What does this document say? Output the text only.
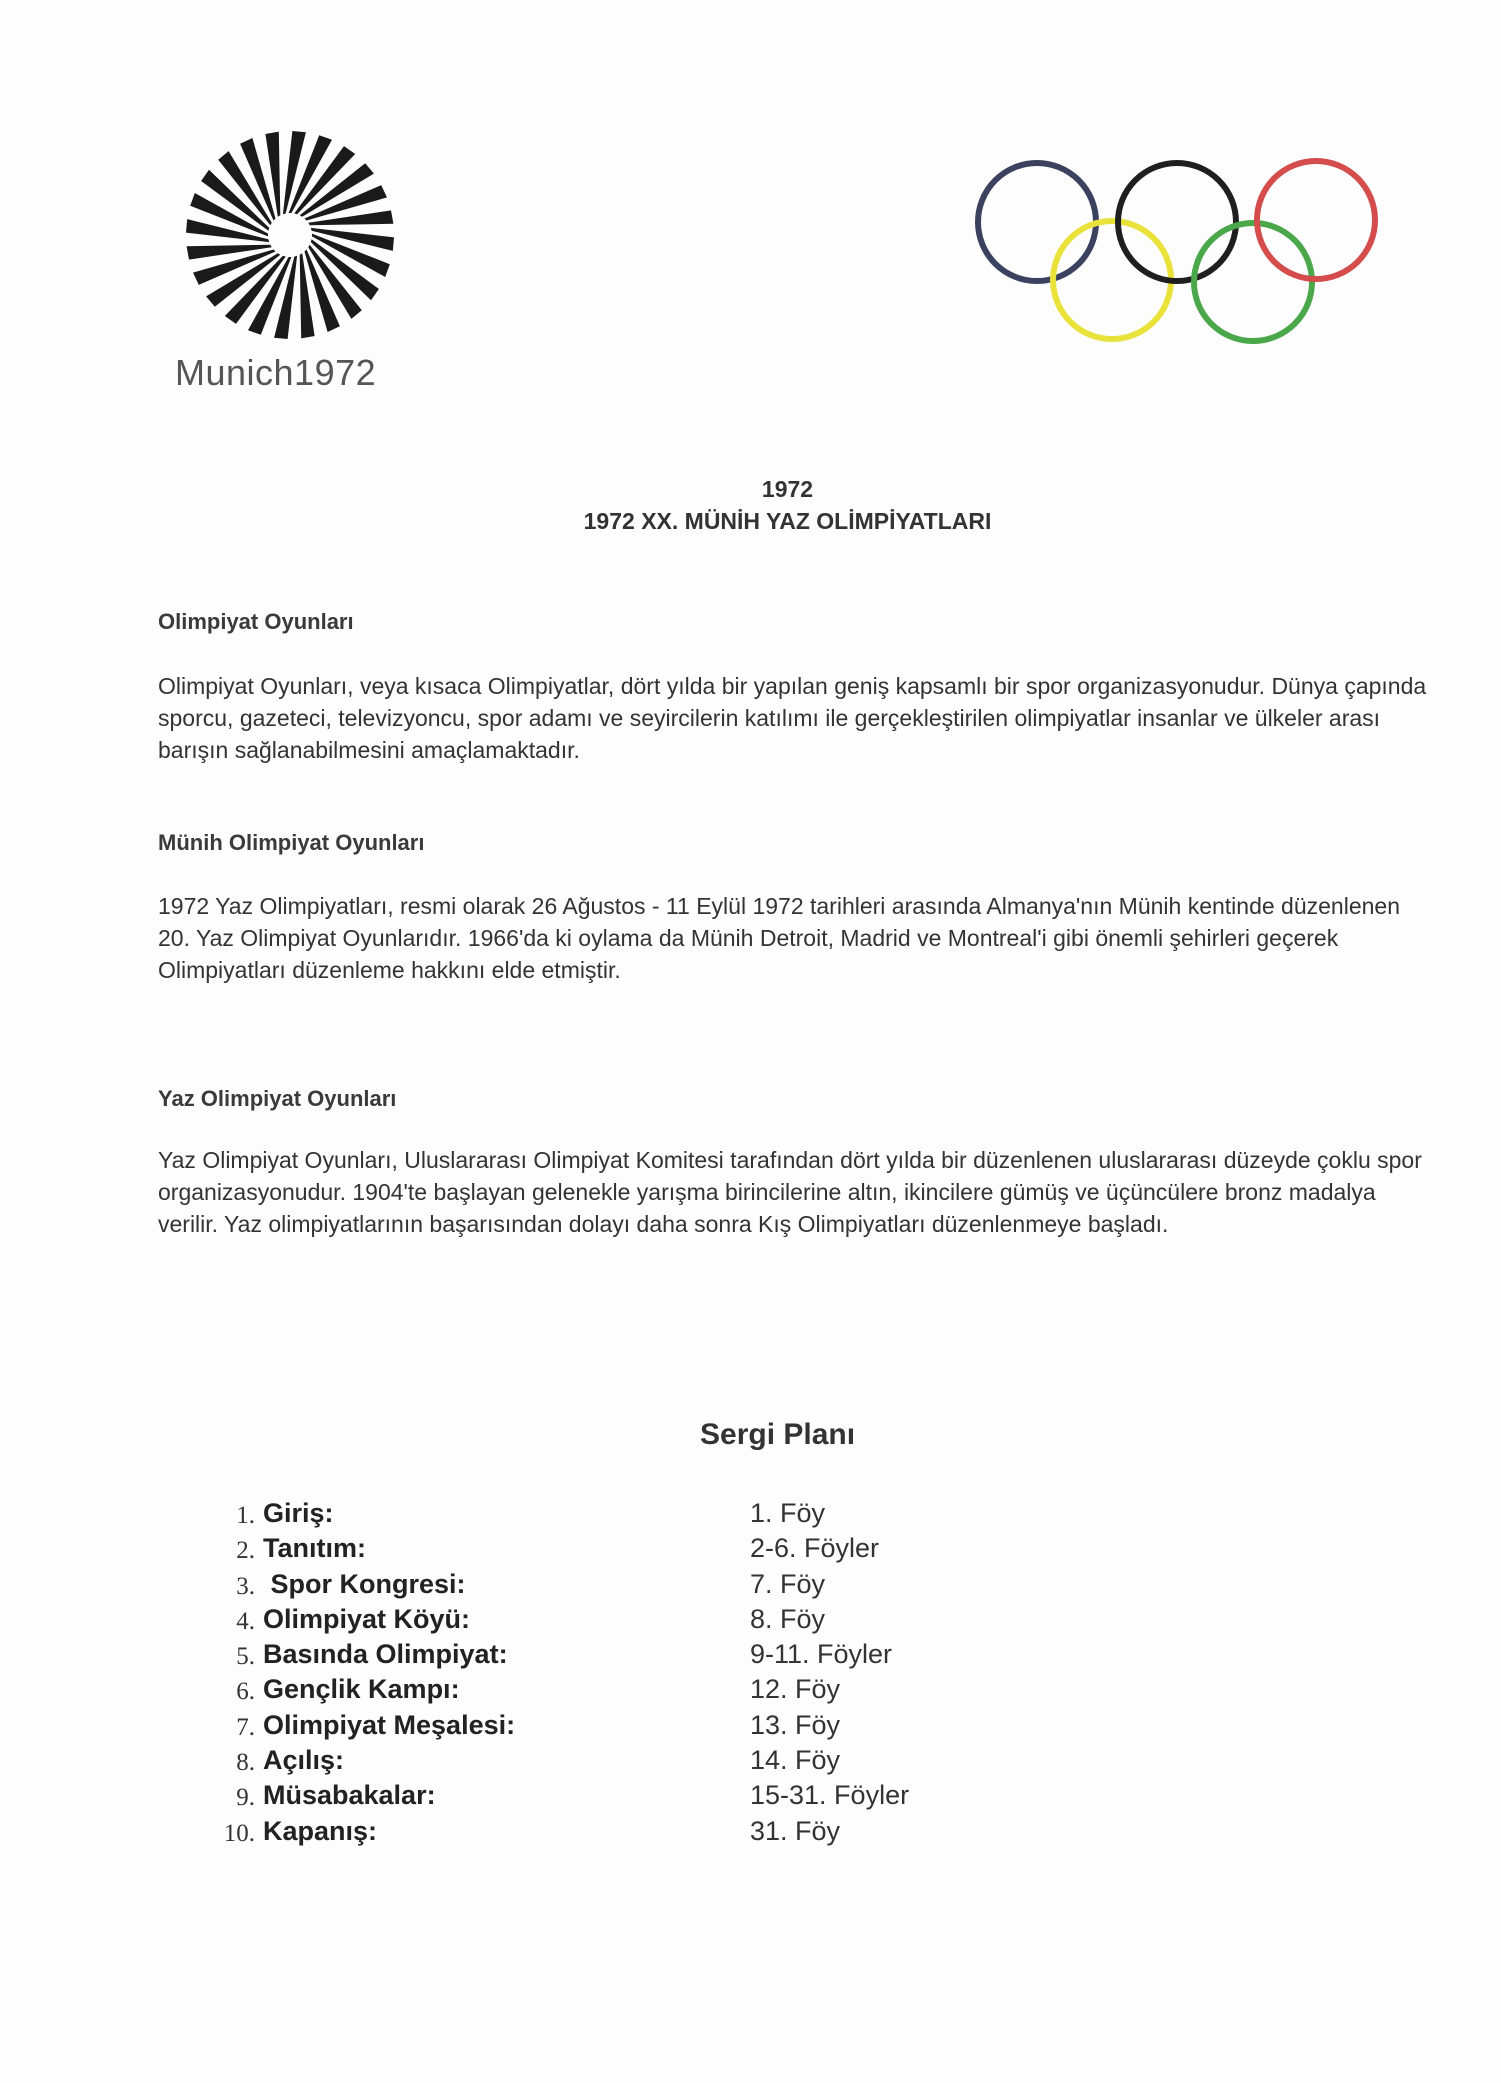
Munich1972
1972
1972 XX. MÜNİH YAZ OLİMPİYATLARI
Olimpiyat Oyunları
Olimpiyat Oyunları, veya kısaca Olimpiyatlar, dört yılda bir yapılan geniş kapsamlı bir spor organizasyonudur. Dünya çapında sporcu, gazeteci, televizyoncu, spor adamı ve seyircilerin katılımı ile gerçekleştirilen olimpiyatlar insanlar ve ülkeler arası barışın sağlanabilmesini amaçlamaktadır.
Münih Olimpiyat Oyunları
1972 Yaz Olimpiyatları, resmi olarak 26 Ağustos - 11 Eylül 1972 tarihleri arasında Almanya'nın Münih kentinde düzenlenen 20. Yaz Olimpiyat Oyunlarıdır. 1966'da ki oylama da Münih Detroit, Madrid ve Montreal'i gibi önemli şehirleri geçerek Olimpiyatları düzenleme hakkını elde etmiştir.
Yaz Olimpiyat Oyunları
Yaz Olimpiyat Oyunları, Uluslararası Olimpiyat Komitesi tarafından dört yılda bir düzenlenen uluslararası düzeyde çoklu spor organizasyonudur. 1904'te başlayan gelenekle yarışma birincilerine altın, ikincilere gümüş ve üçüncülere bronz madalya verilir. Yaz olimpiyatlarının başarısından dolayı daha sonra Kış Olimpiyatları düzenlenmeye başladı.
Sergi Planı
1. Giriş:	1. Föy
2. Tanıtım:	2-6. Föyler
3. Spor Kongresi:	7. Föy
4. Olimpiyat Köyü:	8. Föy
5. Basında Olimpiyat:	9-11. Föyler
6. Gençlik Kampı:	12. Föy
7. Olimpiyat Meşalesi:	13. Föy
8. Açılış:	14. Föy
9. Müsabakalar:	15-31. Föyler
10. Kapanış:	31. Föy
